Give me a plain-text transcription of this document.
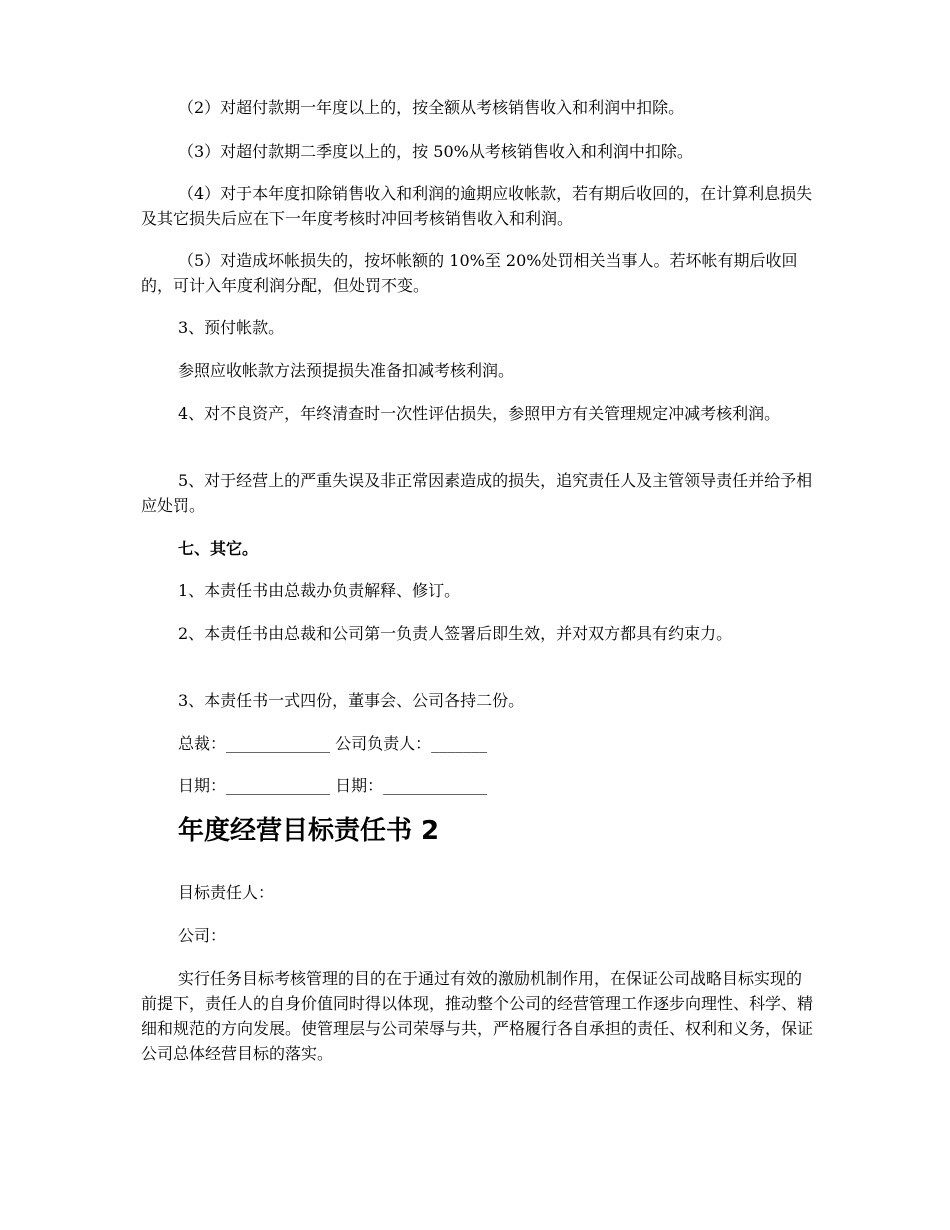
（2）对超付款期一年度以上的，按全额从考核销售收入和利润中扣除。

（3）对超付款期二季度以上的，按 50%从考核销售收入和利润中扣除。

（4）对于本年度扣除销售收入和利润的逾期应收帐款，若有期后收回的，在计算利息损失及其它损失后应在下一年度考核时冲回考核销售收入和利润。

（5）对造成坏帐损失的，按坏帐额的 10%至 20%处罚相关当事人。若坏帐有期后收回的，可计入年度利润分配，但处罚不变。

3、预付帐款。

参照应收帐款方法预提损失准备扣减考核利润。

4、对不良资产，年终清查时一次性评估损失，参照甲方有关管理规定冲减考核利润。

5、对于经营上的严重失误及非正常因素造成的损失，追究责任人及主管领导责任并给予相应处罚。

七、其它。

1、本责任书由总裁办负责解释、修订。

2、本责任书由总裁和公司第一负责人签署后即生效，并对双方都具有约束力。

3、本责任书一式四份，董事会、公司各持二份。

总裁：_____________ 公司负责人：_______
日期：_____________ 日期：_____________
年度经营目标责任书 2

目标责任人：

公司：

实行任务目标考核管理的目的在于通过有效的激励机制作用，在保证公司战略目标实现的前提下，责任人的自身价值同时得以体现，推动整个公司的经营管理工作逐步向理性、科学、精细和规范的方向发展。使管理层与公司荣辱与共，严格履行各自承担的责任、权利和义务，保证公司总体经营目标的落实。
